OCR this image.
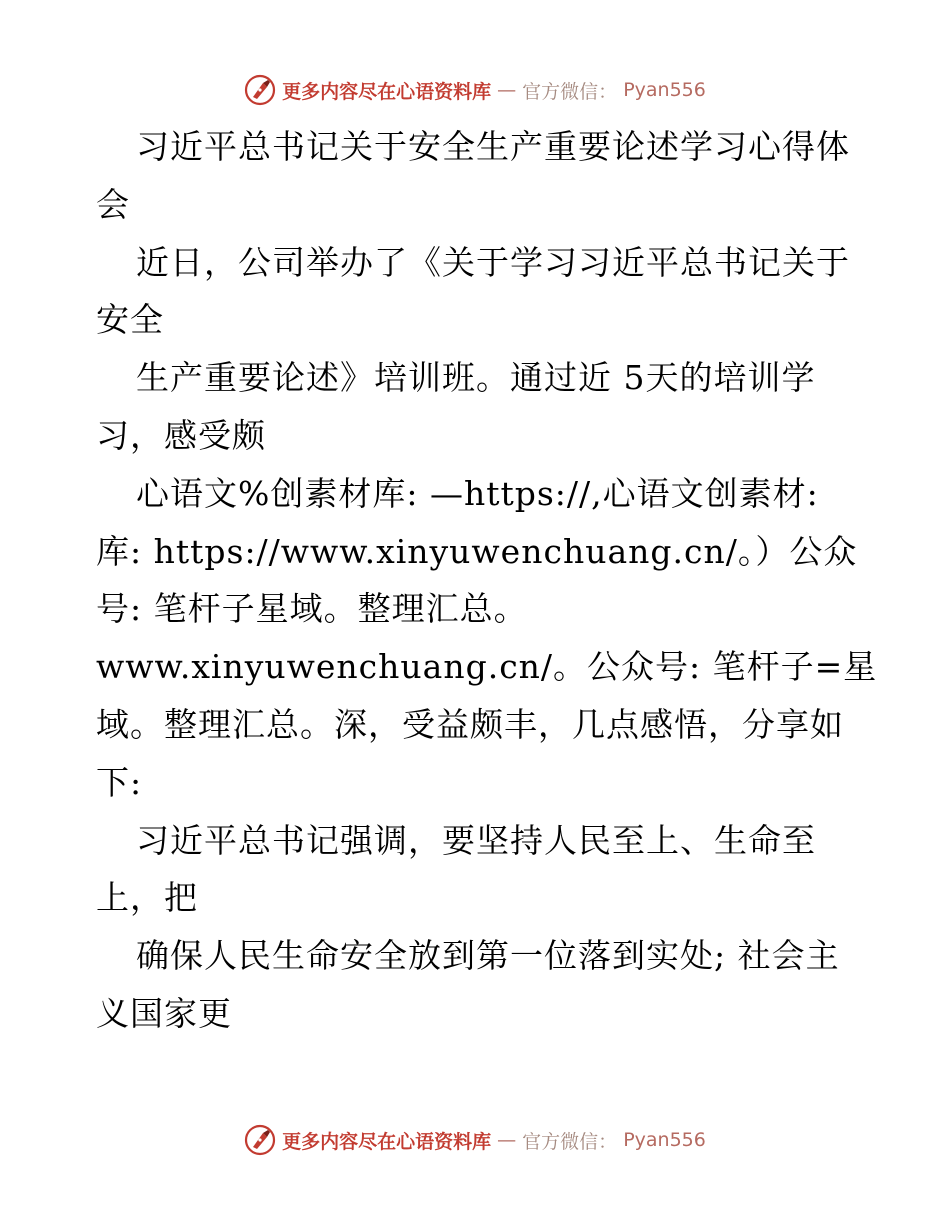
更多内容尽在心语资料库 — 官方微信： Pyan556
习近平总书记关于安全生产重要论述学习心得体
会
近日，公司举办了《关于学习习近平总书记关于
安全
生产重要论述》培训班。通过近 5天的培训学
习，感受颇
心语文%创素材库: —https://,心语文创素材:
库: https://www.xinyuwenchuang.cn/。）公众
号: 笔杆子星域。整理汇总。
www.xinyuwenchuang.cn/。公众号: 笔杆子=星
域。整理汇总。深，受益颇丰，几点感悟，分享如
下:
习近平总书记强调，要坚持人民至上、生命至
上，把
确保人民生命安全放到第一位落到实处; 社会主
义国家更
更多内容尽在心语资料库 — 官方微信： Pyan556
